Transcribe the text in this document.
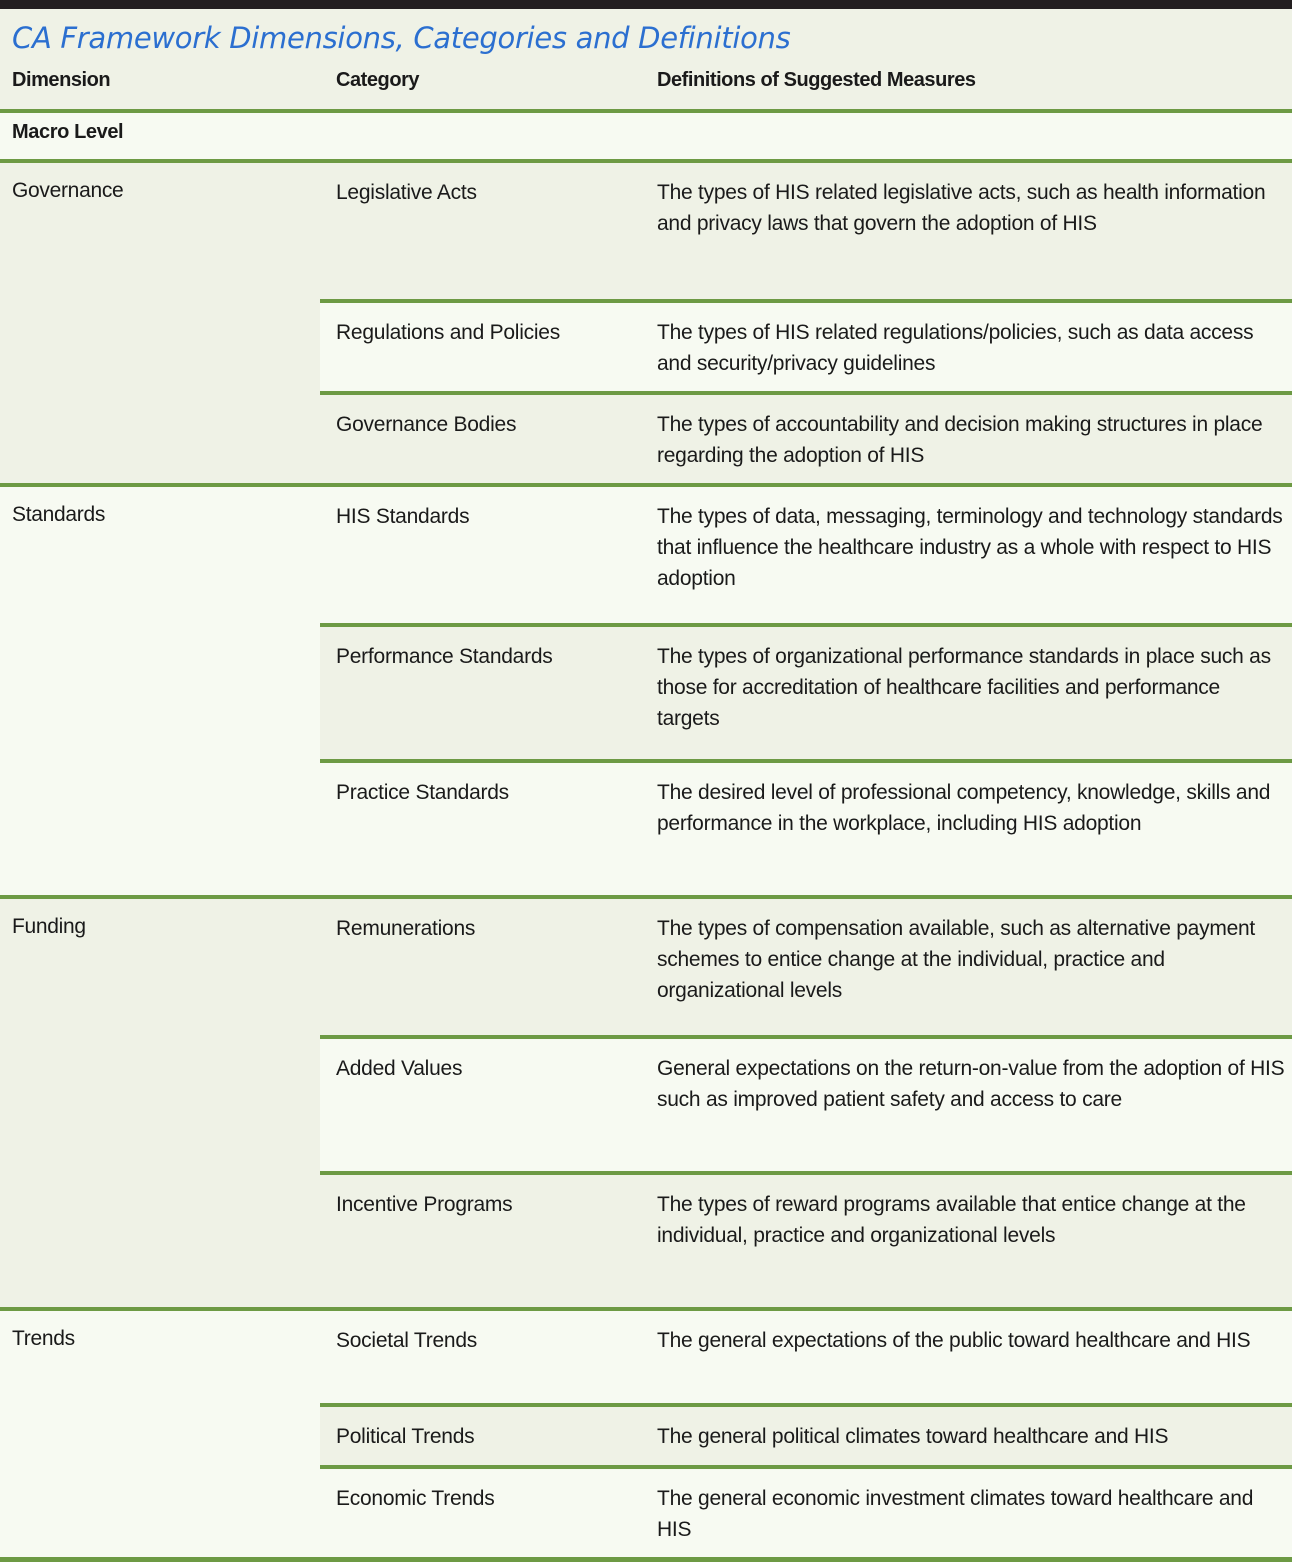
CA Framework Dimensions, Categories and Definitions
Dimension	Category	Definitions of Suggested Measures
Macro Level
Governance	Legislative Acts	The types of HIS related legislative acts, such as health information and privacy laws that govern the adoption of HIS
Regulations and Policies	The types of HIS related regulations/policies, such as data access and security/privacy guidelines
Governance Bodies	The types of accountability and decision making structures in place regarding the adoption of HIS
Standards	HIS Standards	The types of data, messaging, terminology and technology standards that influence the healthcare industry as a whole with respect to HIS adoption
Performance Standards	The types of organizational performance standards in place such as those for accreditation of healthcare facilities and performance targets
Practice Standards	The desired level of professional competency, knowledge, skills and performance in the workplace, including HIS adoption
Funding	Remunerations	The types of compensation available, such as alternative payment schemes to entice change at the individual, practice and organizational levels
Added Values	General expectations on the return-on-value from the adoption of HIS such as improved patient safety and access to care
Incentive Programs	The types of reward programs available that entice change at the individual, practice and organizational levels
Trends	Societal Trends	The general expectations of the public toward healthcare and HIS
Political Trends	The general political climates toward healthcare and HIS
Economic Trends	The general economic investment climates toward healthcare and HIS
